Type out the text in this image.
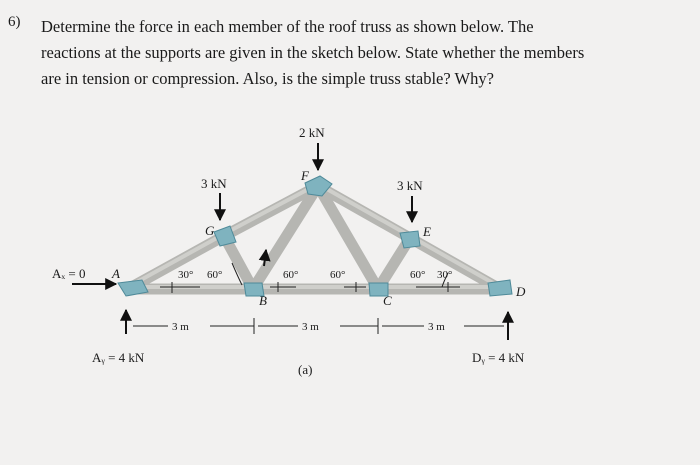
6) Determine the force in each member of the roof truss as shown below. The

reactions at the supports are given in the sketch below. State whether the members

are in tension or compression. Also, is the simple truss stable? Why?

2 kN
3 kN	3 kN
A
B	C
D
E
F
G
Aₓ = 0
Aᵧ = 4 kN	Dᵧ = 4 kN
30° 60°	60°	60°	60° 30°
3 m	3 m	3 m
(a)
